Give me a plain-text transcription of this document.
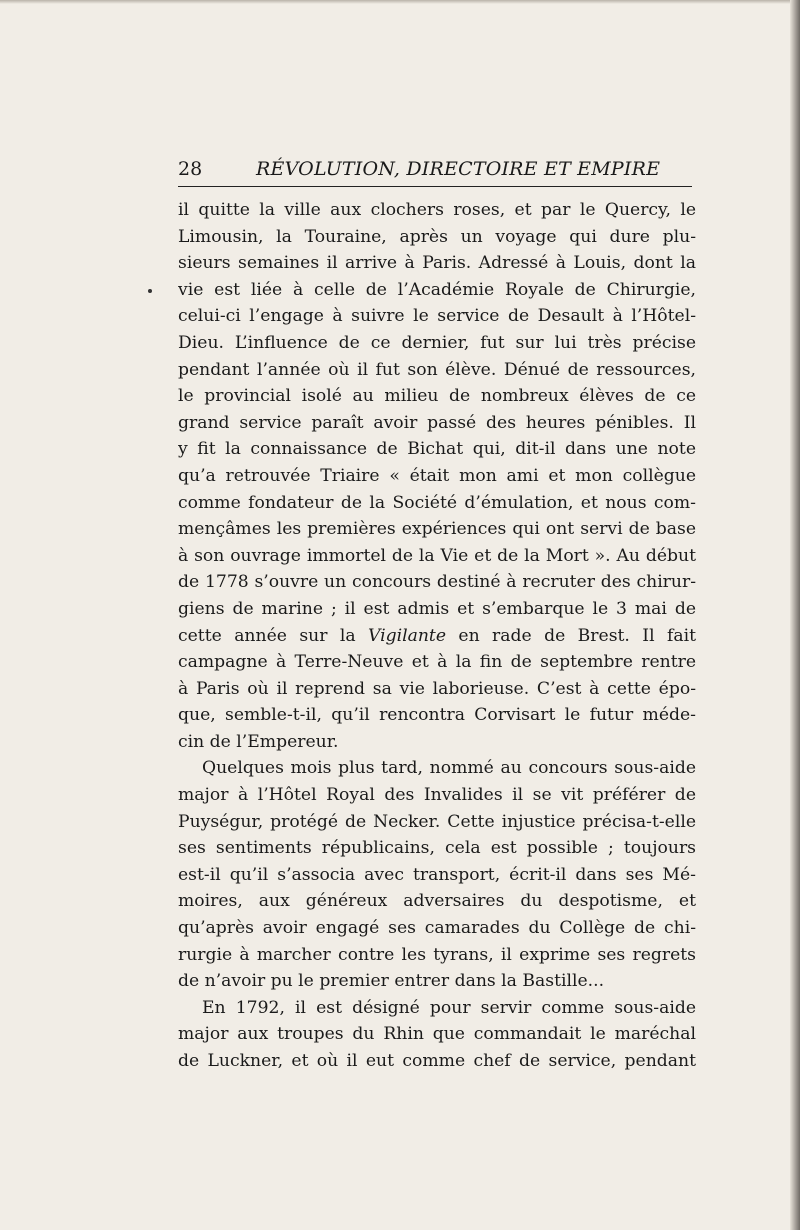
28	RÉVOLUTION, DIRECTOIRE ET EMPIRE
il quitte la ville aux clochers roses, et par le Quercy, le
Limousin, la Touraine, après un voyage qui dure plu-
sieurs semaines il arrive à Paris. Adressé à Louis, dont la
vie est liée à celle de l’Académie Royale de Chirurgie,
celui-ci l’engage à suivre le service de Desault à l’Hôtel-
Dieu. L’influence de ce dernier, fut sur lui très précise
pendant l’année où il fut son élève. Dénué de ressources,
le provincial isolé au milieu de nombreux élèves de ce
grand service paraît avoir passé des heures pénibles. Il
y fit la connaissance de Bichat qui, dit-il dans une note
qu’a retrouvée Triaire « était mon ami et mon collègue
comme fondateur de la Société d’émulation, et nous com-
mençâmes les premières expériences qui ont servi de base
à son ouvrage immortel de la Vie et de la Mort ». Au début
de 1778 s’ouvre un concours destiné à recruter des chirur-
giens de marine ; il est admis et s’embarque le 3 mai de
cette année sur la Vigilante en rade de Brest. Il fait
campagne à Terre-Neuve et à la fin de septembre rentre
à Paris où il reprend sa vie laborieuse. C’est à cette épo-
que, semble-t-il, qu’il rencontra Corvisart le futur méde-
cin de l’Empereur.
Quelques mois plus tard, nommé au concours sous-aide
major à l’Hôtel Royal des Invalides il se vit préférer de
Puységur, protégé de Necker. Cette injustice précisa-t-elle
ses sentiments républicains, cela est possible ; toujours
est-il qu’il s’associa avec transport, écrit-il dans ses Mé-
moires, aux généreux adversaires du despotisme, et
qu’après avoir engagé ses camarades du Collège de chi-
rurgie à marcher contre les tyrans, il exprime ses regrets
de n’avoir pu le premier entrer dans la Bastille...
En 1792, il est désigné pour servir comme sous-aide
major aux troupes du Rhin que commandait le maréchal
de Luckner, et où il eut comme chef de service, pendant
